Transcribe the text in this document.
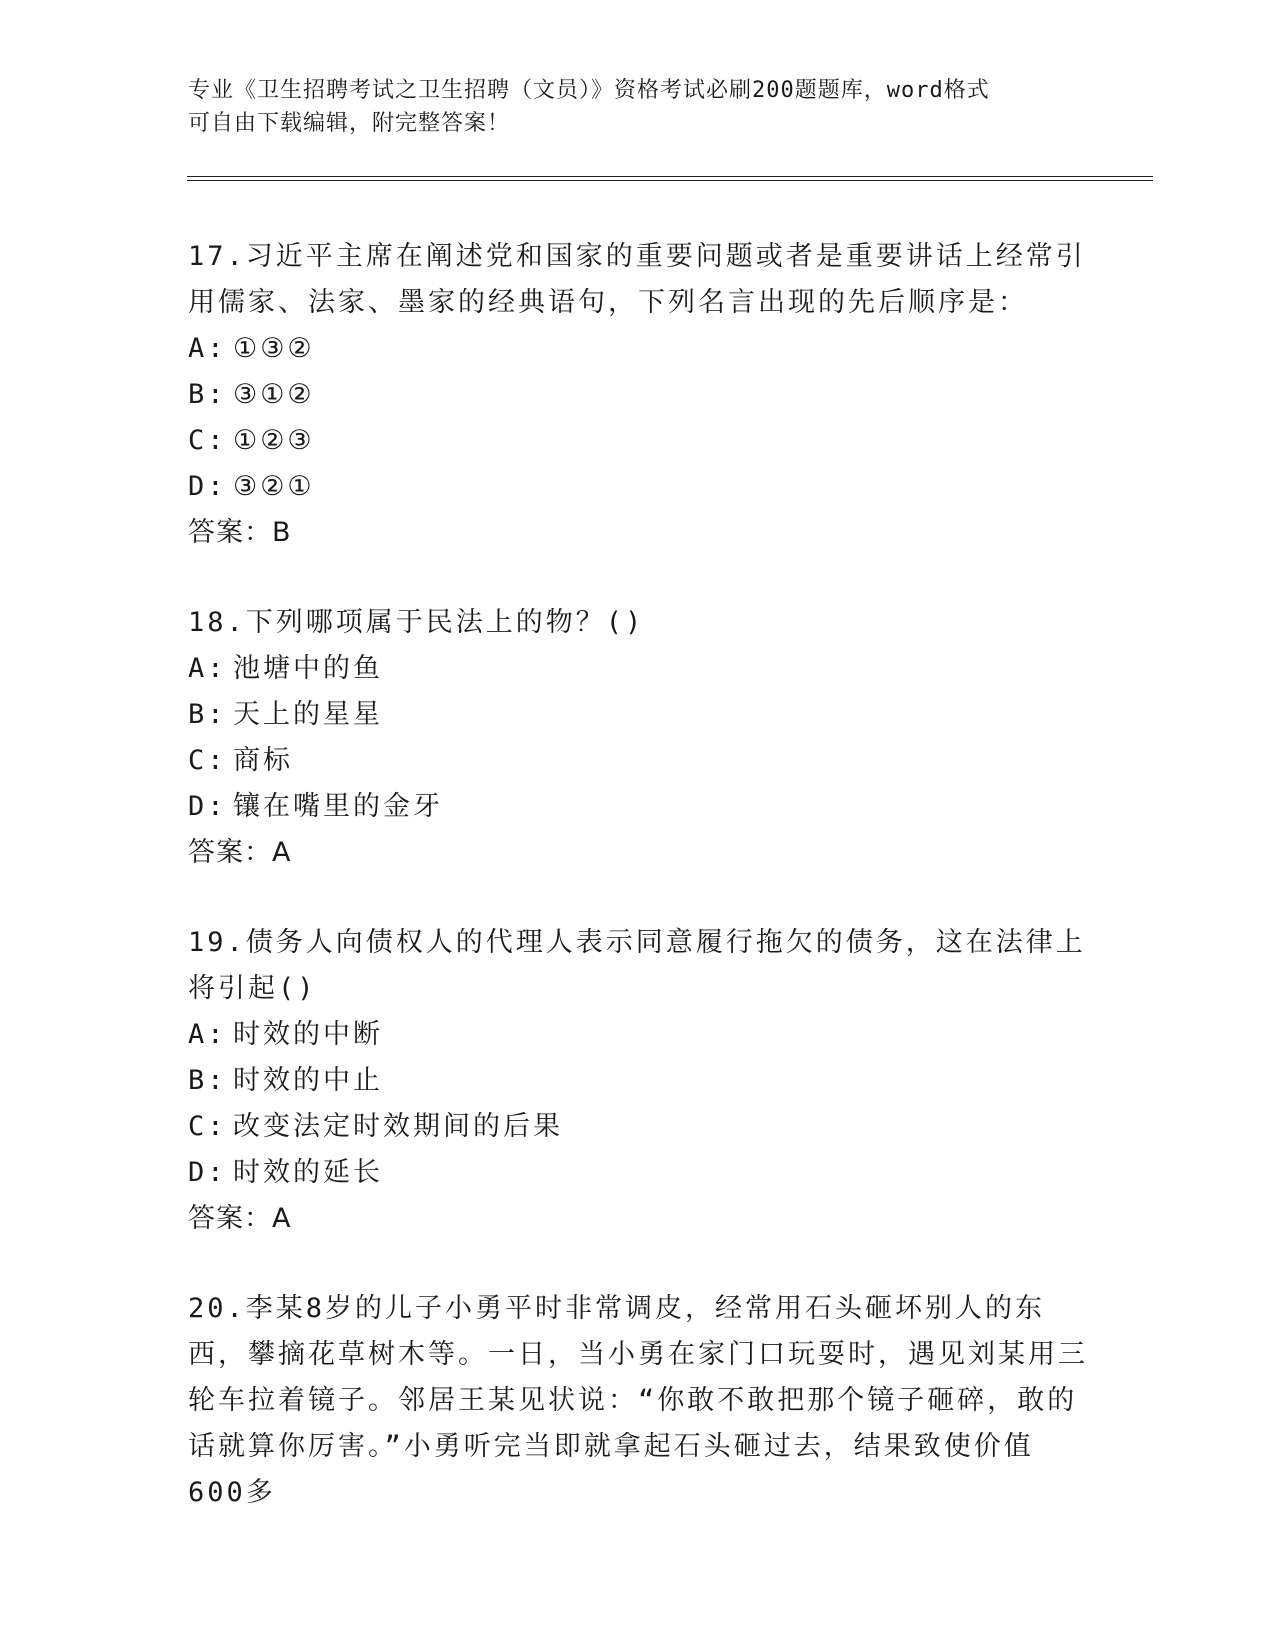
专业《卫生招聘考试之卫生招聘（文员）》资格考试必刷200题题库，word格式
可自由下载编辑，附完整答案！

17.习近平主席在阐述党和国家的重要问题或者是重要讲话上经常引用儒家、法家、墨家的经典语句，下列名言出现的先后顺序是：

A: ①③②
B: ③①②
C: ①②③
D: ③②①
答案：B

18.下列哪项属于民法上的物？()

A: 池塘中的鱼
B: 天上的星星
C: 商标
D: 镶在嘴里的金牙
答案：A

19.债务人向债权人的代理人表示同意履行拖欠的债务，这在法律上将引起()

A: 时效的中断
B: 时效的中止
C: 改变法定时效期间的后果
D: 时效的延长
答案：A

20.李某8岁的儿子小勇平时非常调皮，经常用石头砸坏别人的东西，攀摘花草树木等。一日，当小勇在家门口玩耍时，遇见刘某用三轮车拉着镜子。邻居王某见状说：“你敢不敢把那个镜子砸碎，敢的话就算你厉害。”小勇听完当即就拿起石头砸过去，结果致使价值600多
